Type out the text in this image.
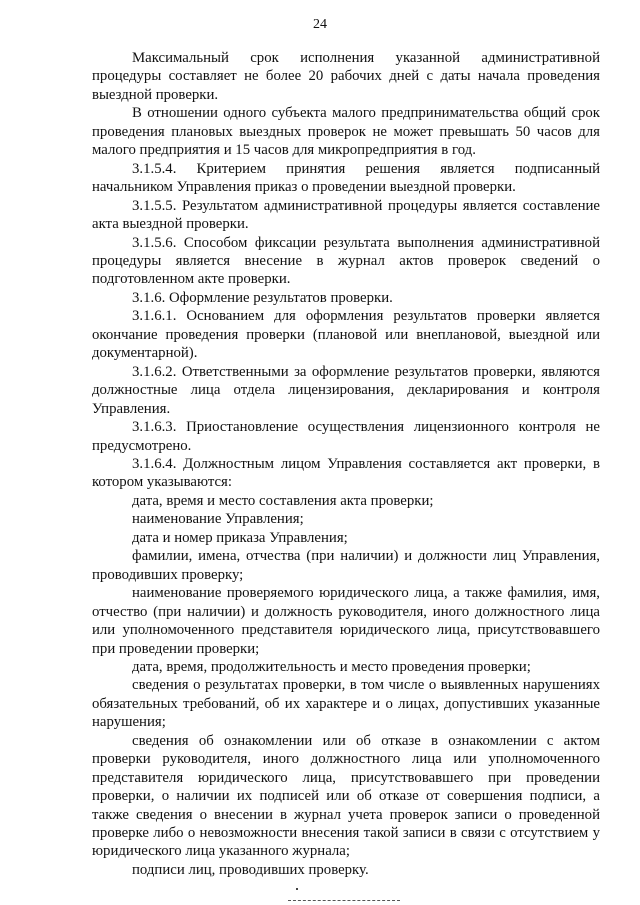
24

Максимальный срок исполнения указанной административной процедуры составляет не более 20 рабочих дней с даты начала проведения выездной проверки.

В отношении одного субъекта малого предпринимательства общий срок проведения плановых выездных проверок не может превышать 50 часов для малого предприятия и 15 часов для микропредприятия в год.

3.1.5.4. Критерием принятия решения является подписанный начальником Управления приказ о проведении выездной проверки.

3.1.5.5. Результатом административной процедуры является составление акта выездной проверки.

3.1.5.6. Способом фиксации результата выполнения административной процедуры является внесение в журнал актов проверок сведений о подготовленном акте проверки.

3.1.6. Оформление результатов проверки.

3.1.6.1. Основанием для оформления результатов проверки является окончание проведения проверки (плановой или внеплановой, выездной или документарной).

3.1.6.2. Ответственными за оформление результатов проверки, являются должностные лица отдела лицензирования, декларирования и контроля Управления.

3.1.6.3. Приостановление осуществления лицензионного контроля не предусмотрено.

3.1.6.4. Должностным лицом Управления составляется акт проверки, в котором указываются:

дата, время и место составления акта проверки;

наименование Управления;

дата и номер приказа Управления;

фамилии, имена, отчества (при наличии) и должности лиц Управления, проводивших проверку;

наименование проверяемого юридического лица, а также фамилия, имя, отчество (при наличии) и должность руководителя, иного должностного лица или уполномоченного представителя юридического лица, присутствовавшего при проведении проверки;

дата, время, продолжительность и место проведения проверки;

сведения о результатах проверки, в том числе о выявленных нарушениях обязательных требований, об их характере и о лицах, допустивших указанные нарушения;

сведения об ознакомлении или об отказе в ознакомлении с актом проверки руководителя, иного должностного лица или уполномоченного представителя юридического лица, присутствовавшего при проведении проверки, о наличии их подписей или об отказе от совершения подписи, а также сведения о внесении в журнал учета проверок записи о проведенной проверке либо о невозможности внесения такой записи в связи с отсутствием у юридического лица указанного журнала;

подписи лиц, проводивших проверку.
